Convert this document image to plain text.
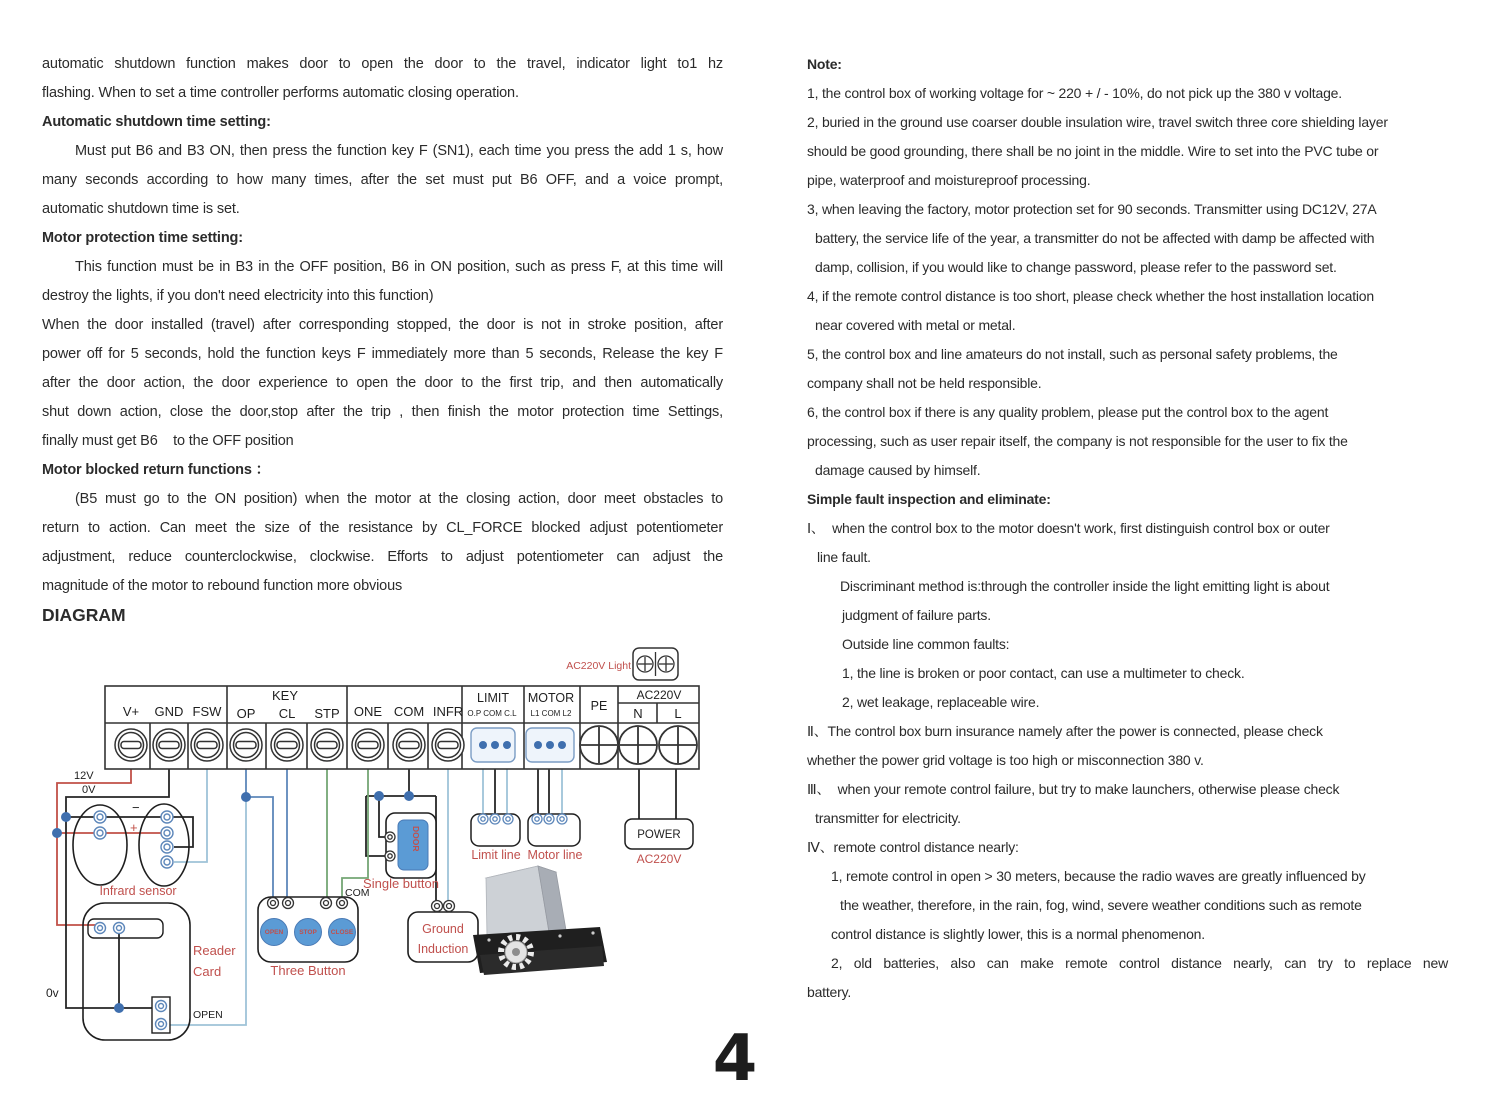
automatic shutdown function makes door to open the door to the travel, indicator light to1 hz
flashing. When to set a time controller performs automatic closing operation.
Automatic shutdown time setting:
Must put B6 and B3 ON, then press the function key F (SN1), each time you press the add 1 s, how
many seconds according to how many times, after the set must put B6 OFF, and a voice prompt,
automatic shutdown time is set.
Motor protection time setting:
This function must be in B3 in the OFF position, B6 in ON position, such as press F, at this time will
destroy the lights, if you don't need electricity into this function)
When the door installed (travel) after corresponding stopped, the door is not in stroke position, after
power off for 5 seconds, hold the function keys F immediately more than 5 seconds, Release the key F
after the door action, the door experience to open the door to the first trip, and then automatically
shut down action, close the door,stop after the trip , then finish the motor protection time Settings,
finally must get B6    to the OFF position
Motor blocked return functions ：
(B5 must go to the ON position) when the motor at the closing action, door meet obstacles to
return to action. Can meet the size of the resistance by CL_FORCE blocked adjust potentiometer
adjustment, reduce counterclockwise, clockwise. Efforts to adjust potentiometer can adjust the
magnitude of the motor to rebound function more obvious
DIAGRAM
Note:
1, the control box of working voltage for ~ 220 + / - 10%, do not pick up the 380 v voltage.
2, buried in the ground use coarser double insulation wire, travel switch three core shielding layer
should be good grounding, there shall be no joint in the middle. Wire to set into the PVC tube or
pipe, waterproof and moistureproof processing.
3, when leaving the factory, motor protection set for 90 seconds. Transmitter using DC12V, 27A
battery, the service life of the year, a transmitter do not be affected with damp be affected with
damp, collision, if you would like to change password, please refer to the password set.
4, if the remote control distance is too short, please check whether the host installation location
near covered with metal or metal.
5, the control box and line amateurs do not install, such as personal safety problems, the
company shall not be held responsible.
6, the control box if there is any quality problem, please put the control box to the agent
processing, such as user repair itself, the company is not responsible for the user to fix the
damage caused by himself.
Simple fault inspection and eliminate:
Ⅰ、  when the control box to the motor doesn't work, first distinguish control box or outer
line fault.
Discriminant method is:through the controller inside the light emitting light is about
judgment of failure parts.
Outside line common faults:
1, the line is broken or poor contact, can use a multimeter to check.
2, wet leakage, replaceable wire.
Ⅱ、The control box burn insurance namely after the power is connected, please check
whether the power grid voltage is too high or misconnection 380 v.
Ⅲ、  when your remote control failure, but try to make launchers, otherwise please check
transmitter for electricity.
Ⅳ、remote control distance nearly:
1, remote control in open > 30 meters, because the radio waves are greatly influenced by
the weather, therefore, in the rain, fog, wind, severe weather conditions such as remote
control distance is slightly lower, this is a normal phenomenon.
2, old batteries, also can make remote control distance nearly, can try to replace new
battery.
4
V+ GND FSW
KEY
OP CL STP ONE COM INFR
LIMIT
O.P COM C.L
MOTOR
L1 COM L2
PE
AC220V
N L
AC220V Light
12V
0V
0v
−
+
Infrard sensor
Reader
Card
OPEN
OPEN STOP CLOSE
COM
Three Button
DOOR
Single button
Ground
Induction
Limit line Motor line
POWER
AC220V
